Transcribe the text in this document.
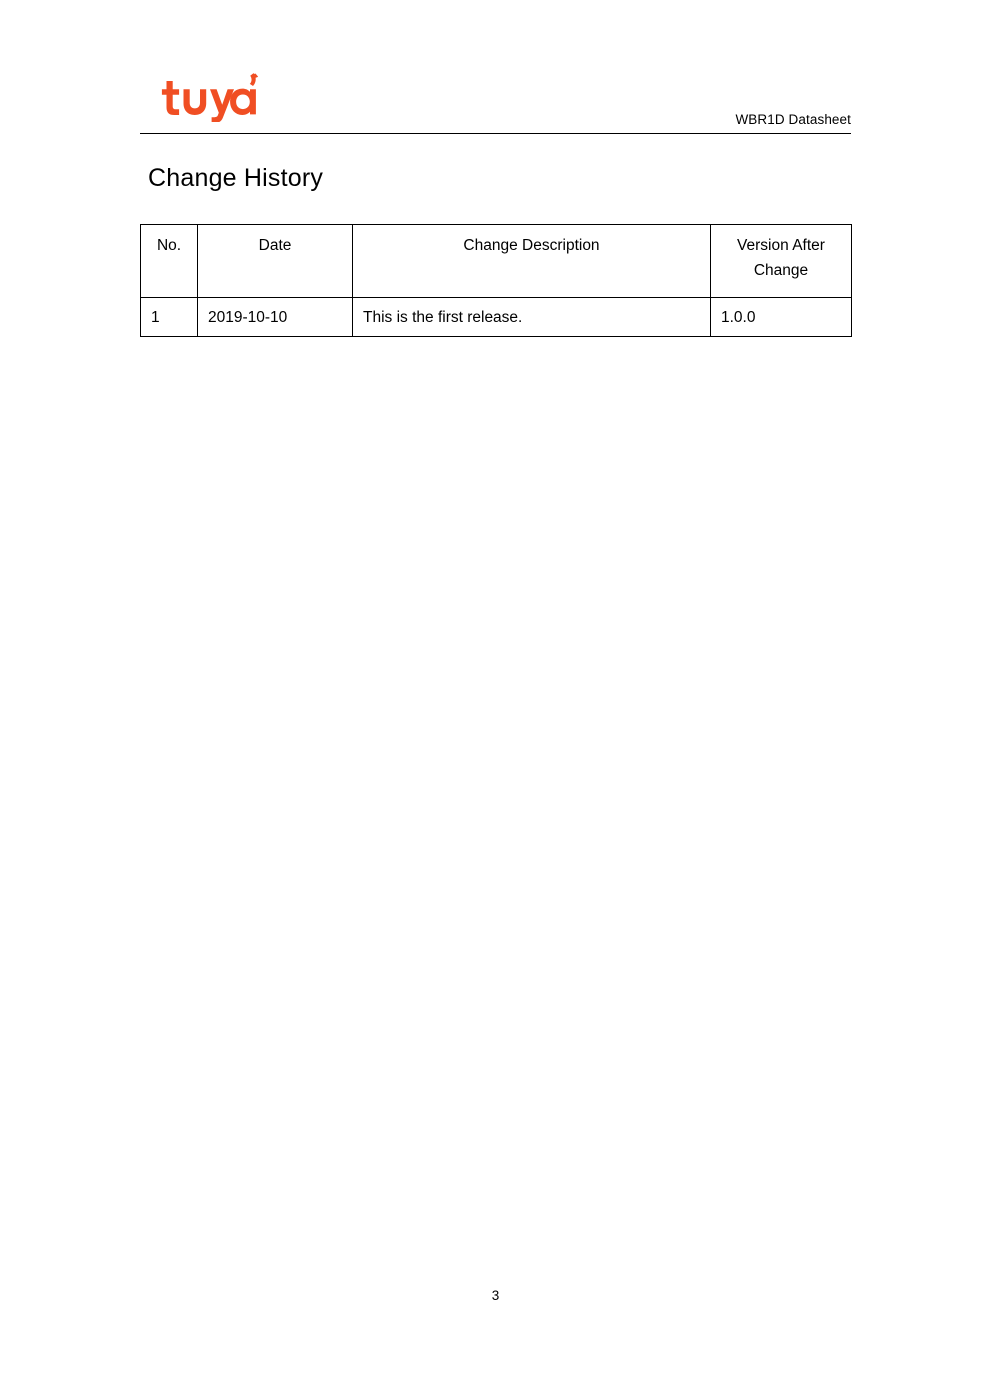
WBR1D Datasheet
Change History
No.	Date	Change Description	Version After
Change

1	2019-10-10	This is the first release.	1.0.0
3
